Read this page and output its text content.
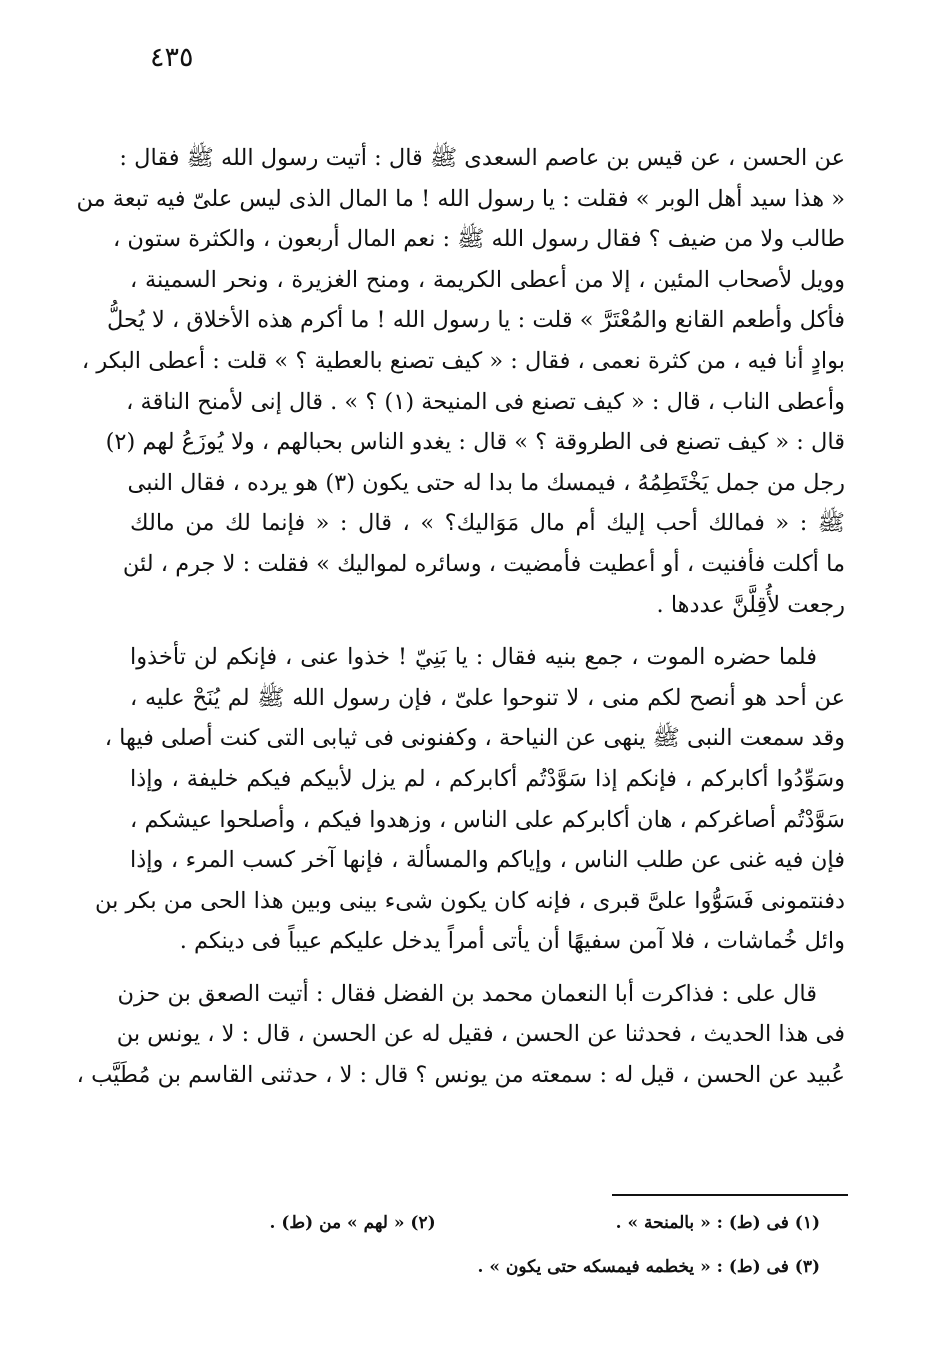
٤٣٥
عن الحسن ، عن قيس بن عاصم السعدى ﷺ قال : أتيت رسول الله ﷺ فقال :
« هذا سيد أهل الوبر » فقلت : يا رسول الله ! ما المال الذى ليس علىّ فيه تبعة من
طالب ولا من ضيف ؟ فقال رسول الله ﷺ : نعم المال أربعون ، والكثرة ستون ،
وويل لأصحاب المئين ، إلا من أعطى الكريمة ، ومنح الغزيرة ، ونحر السمينة ،
فأكل وأطعم القانع والمُعْتَرَّ » قلت : يا رسول الله ! ما أكرم هذه الأخلاق ، لا يُحلُّ
بوادٍ أنا فيه ، من كثرة نعمى ، فقال : « كيف تصنع بالعطية ؟ » قلت : أعطى البكر ،
وأعطى الناب ، قال : « كيف تصنع فى المنيحة (١) ؟ » . قال إنى لأمنح الناقة ،
قال : « كيف تصنع فى الطروقة ؟ » قال : يغدو الناس بحبالهم ، ولا يُوزَعُ لهم (٢)
رجل من جمل يَخْتَطِمُهُ ، فيمسك ما بدا له حتى يكون (٣) هو يرده ، فقال النبى
ﷺ : « فمالك أحب إليك أم مال مَوَاليك؟ » ، قال : « فإنما لك من مالك
ما أكلت فأفنيت ، أو أعطيت فأمضيت ، وسائره لمواليك » فقلت : لا جرم ، لئن
رجعت لأُقِلَّنَّ عددها .
فلما حضره الموت ، جمع بنيه فقال : يا بَنِيّ ! خذوا عنى ، فإنكم لن تأخذوا
عن أحد هو أنصح لكم منى ، لا تنوحوا علىّ ، فإن رسول الله ﷺ لم يُنَحْ عليه ،
وقد سمعت النبى ﷺ ينهى عن النياحة ، وكفنونى فى ثيابى التى كنت أصلى فيها ،
وسَوِّدُوا أكابركم ، فإنكم إذا سَوَّدْتُم أكابركم ، لم يزل لأبيكم فيكم خليفة ، وإذا
سَوَّدْتُم أصاغركم ، هان أكابركم على الناس ، وزهدوا فيكم ، وأصلحوا عيشكم ،
فإن فيه غنى عن طلب الناس ، وإياكم والمسألة ، فإنها آخر كسب المرء ، وإذا
دفنتمونى فَسَوُّوا علىَّ قبرى ، فإنه كان يكون شىء بينى وبين هذا الحى من بكر بن
وائل خُماشات ، فلا آمن سفيهًا أن يأتى أمراً يدخل عليكم عيباً فى دينكم .
قال على : فذاكرت أبا النعمان محمد بن الفضل فقال : أتيت الصعق بن حزن
فى هذا الحديث ، فحدثنا عن الحسن ، فقيل له عن الحسن ، قال : لا ، يونس بن
عُبيد عن الحسن ، قيل له : سمعته من يونس ؟ قال : لا ، حدثنى القاسم بن مُطَيَّب ،
(١) فى (ط) : « بالمنحة » .
(٢) « لهم » من (ط) .
(٣) فى (ط) : « يخطمه فيمسكه حتى يكون » .
